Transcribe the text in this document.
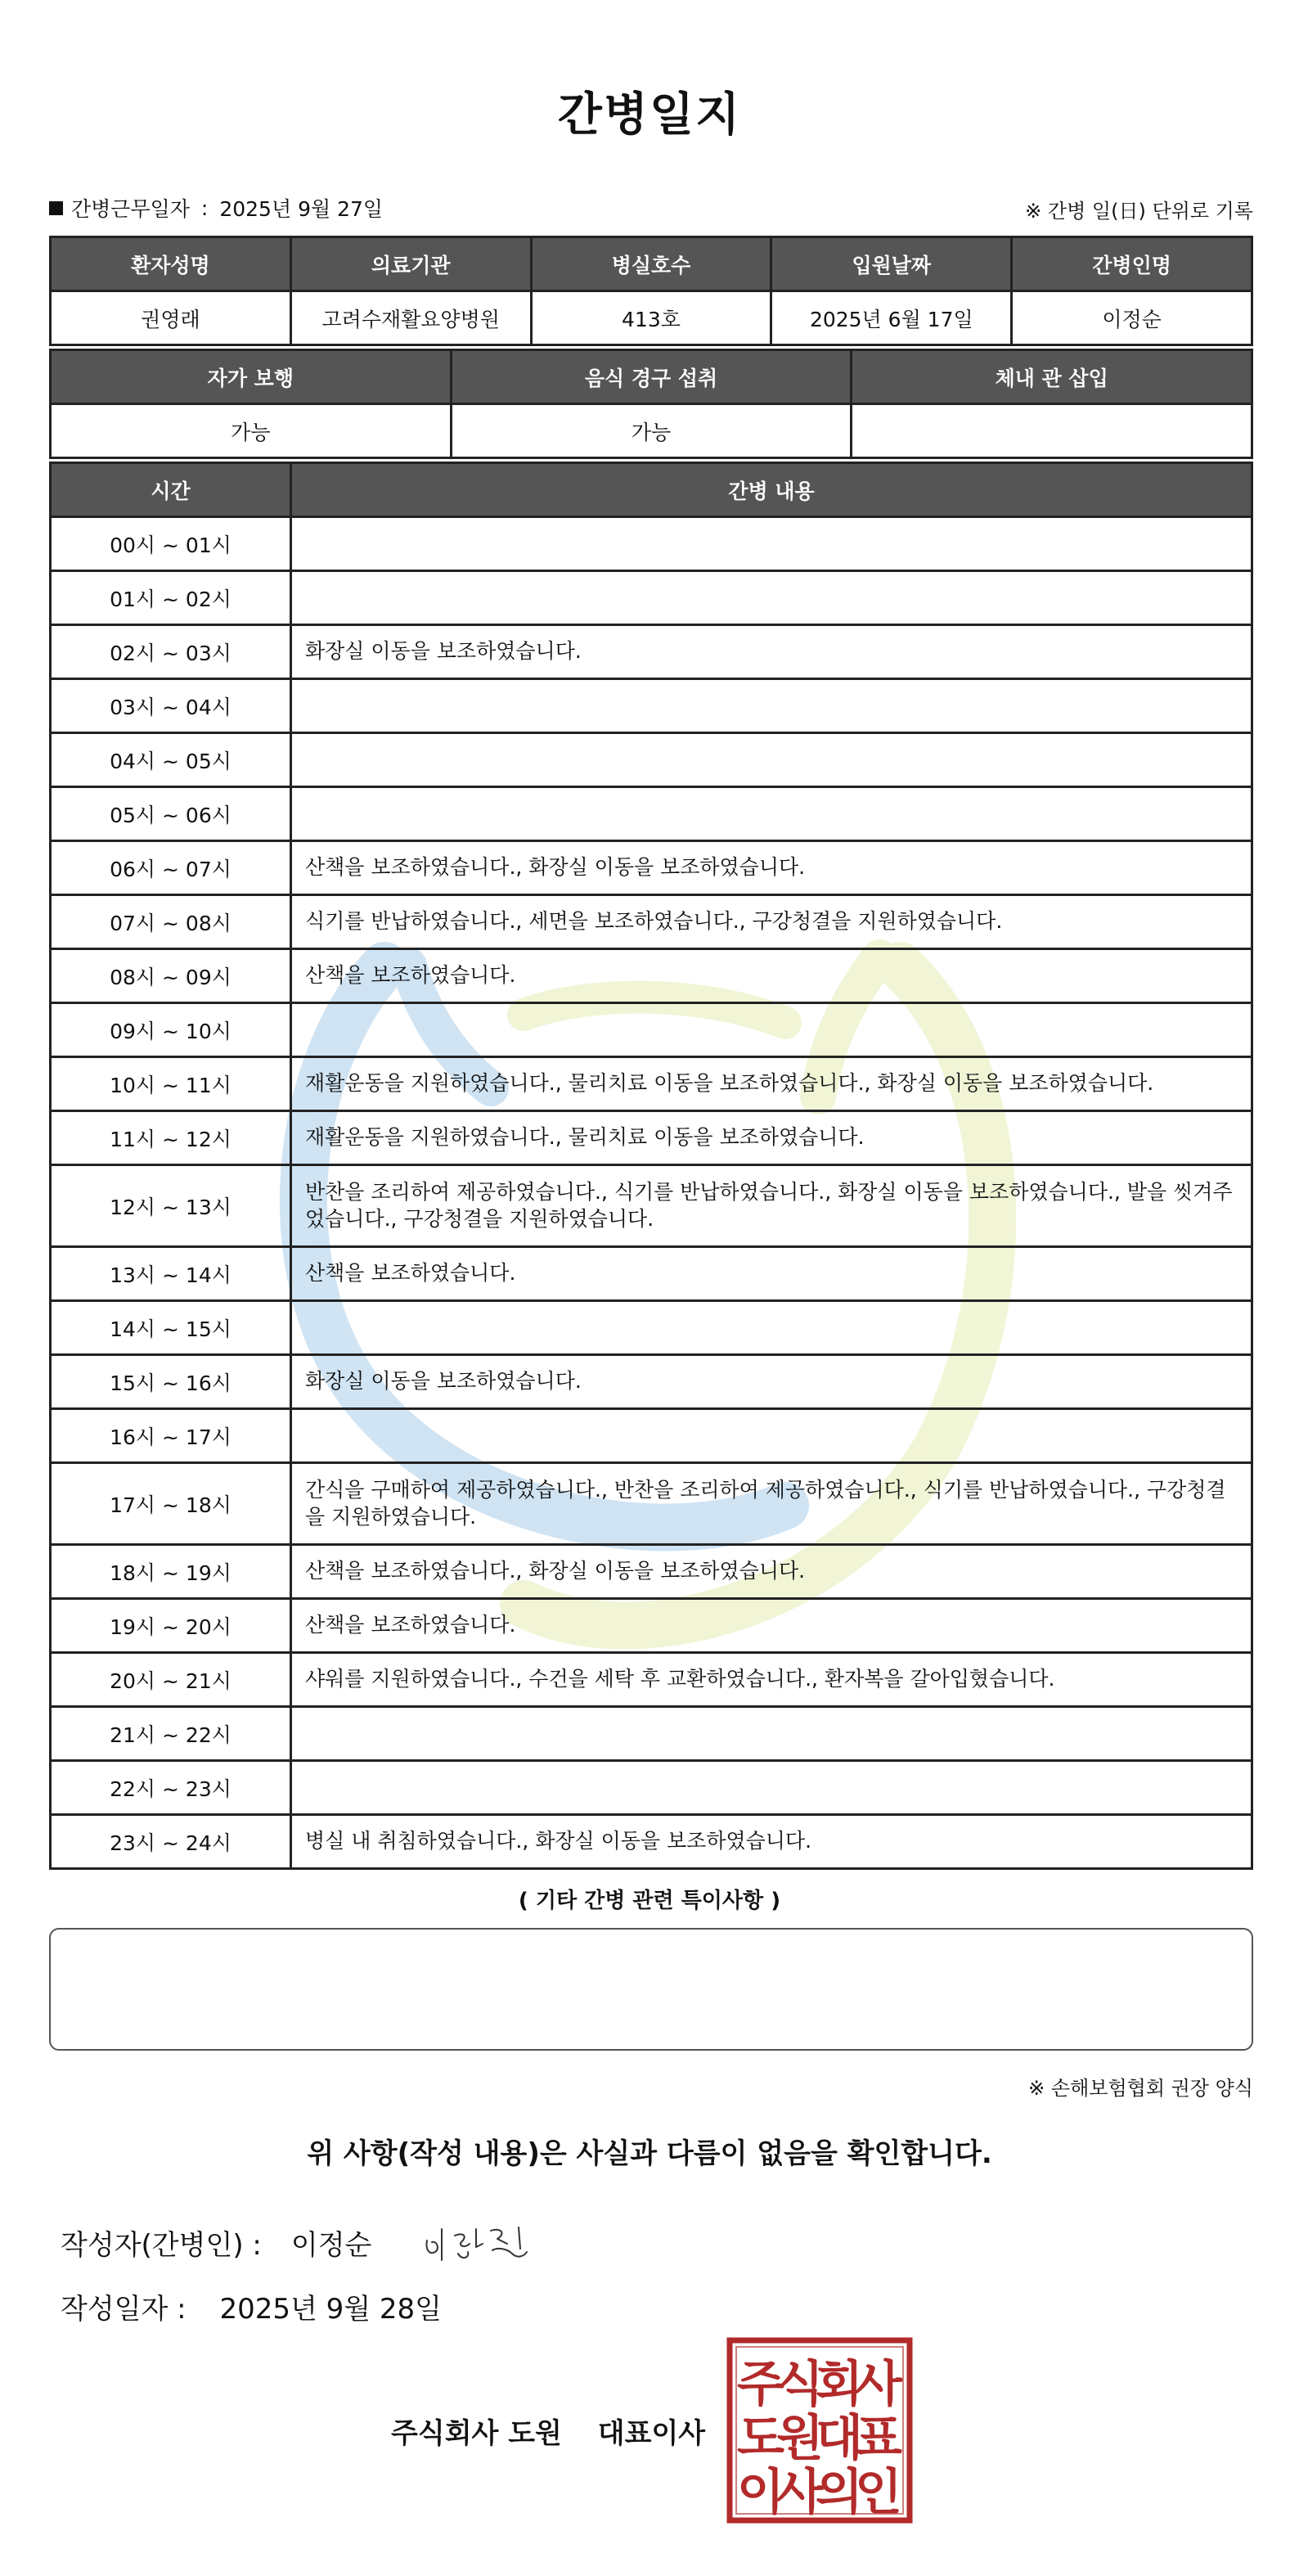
간병일지
간병근무일자 : 2025년 9월 27일	※ 간병 일(日) 단위로 기록
환자성명	의료기관	병실호수	입원날짜	간병인명
권영래	고려수재활요양병원	413호	2025년 6월 17일	이정순
자가 보행	음식 경구 섭취	체내 관 삽입
가능	가능	
시간	간병 내용
00시 ~ 01시	
01시 ~ 02시	
02시 ~ 03시	화장실 이동을 보조하였습니다.
03시 ~ 04시	
04시 ~ 05시	
05시 ~ 06시	
06시 ~ 07시	산책을 보조하였습니다., 화장실 이동을 보조하였습니다.
07시 ~ 08시	식기를 반납하였습니다., 세면을 보조하였습니다., 구강청결을 지원하였습니다.
08시 ~ 09시	산책을 보조하였습니다.
09시 ~ 10시	
10시 ~ 11시	재활운동을 지원하였습니다., 물리치료 이동을 보조하였습니다., 화장실 이동을 보조하였습니다.
11시 ~ 12시	재활운동을 지원하였습니다., 물리치료 이동을 보조하였습니다.
12시 ~ 13시	반찬을 조리하여 제공하였습니다., 식기를 반납하였습니다., 화장실 이동을 보조하였습니다., 발을 씻겨주었습니다., 구강청결을 지원하였습니다.
13시 ~ 14시	산책을 보조하였습니다.
14시 ~ 15시	
15시 ~ 16시	화장실 이동을 보조하였습니다.
16시 ~ 17시	
17시 ~ 18시	간식을 구매하여 제공하였습니다., 반찬을 조리하여 제공하였습니다., 식기를 반납하였습니다., 구강청결을 지원하였습니다.
18시 ~ 19시	산책을 보조하였습니다., 화장실 이동을 보조하였습니다.
19시 ~ 20시	산책을 보조하였습니다.
20시 ~ 21시	샤워를 지원하였습니다., 수건을 세탁 후 교환하였습니다., 환자복을 갈아입혔습니다.
21시 ~ 22시	
22시 ~ 23시	
23시 ~ 24시	병실 내 취침하였습니다., 화장실 이동을 보조하였습니다.
( 기타 간병 관련 특이사항 )
※ 손해보험협회 권장 양식
위 사항(작성 내용)은 사실과 다름이 없음을 확인합니다.
작성자(간병인) : 이정순
작성일자 : 2025년 9월 28일
주식회사 도원 대표이사
주
식
회
사
도
원
대
표
이
사
의
인
